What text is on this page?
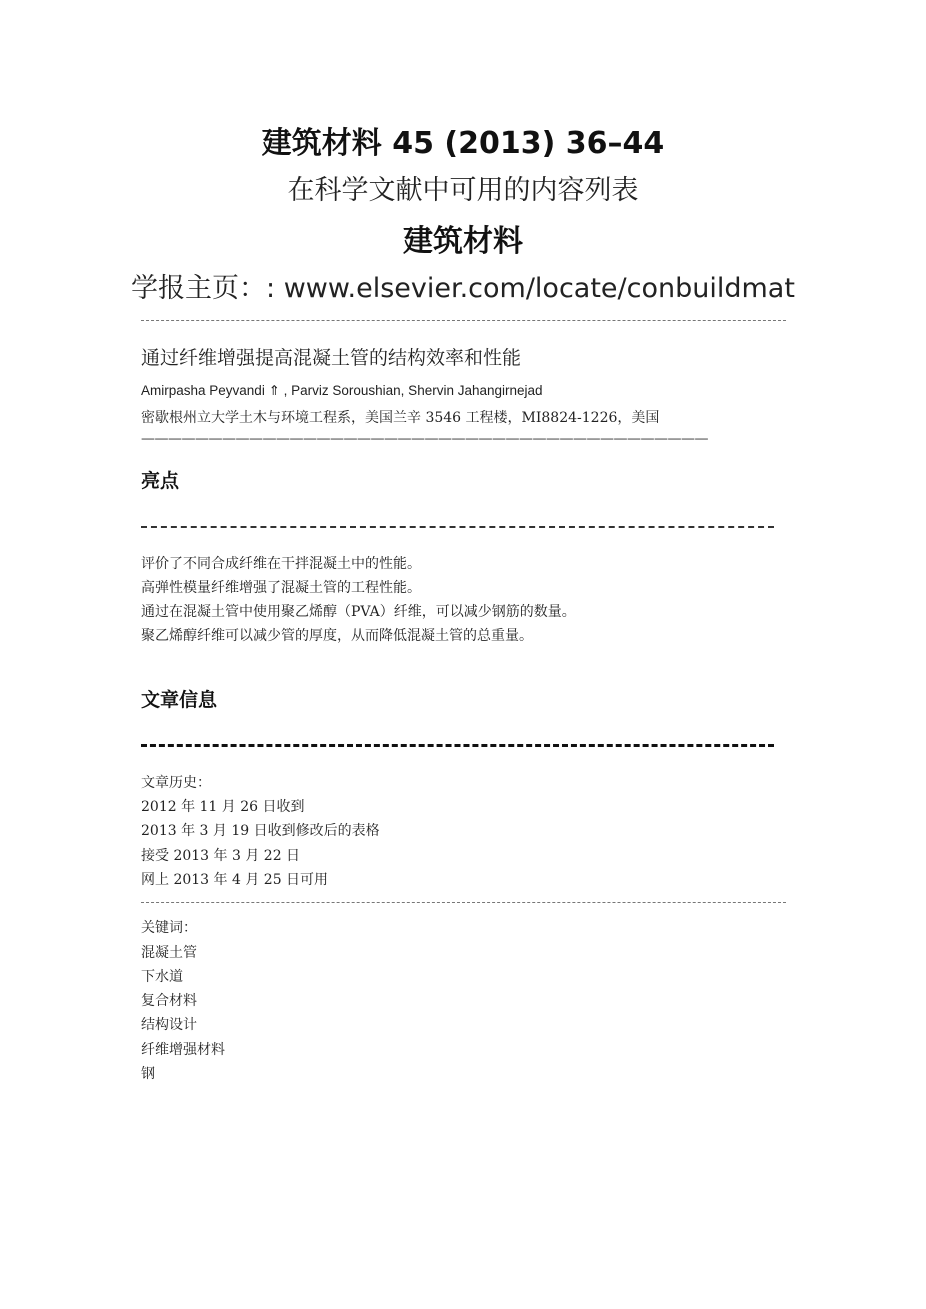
建筑材料 45 (2013) 36–44
在科学文献中可用的内容列表
建筑材料
学报主页：: www.elsevier.com/locate/conbuildmat
通过纤维增强提高混凝土管的结构效率和性能
Amirpasha Peyvandi ⇑ , Parviz Soroushian, Shervin Jahangirnejad
密歇根州立大学土木与环境工程系，美国兰辛 3546 工程楼，MI8824-1226，美国
——————————————————————————————————————————
亮点
评价了不同合成纤维在干拌混凝土中的性能。
高弹性模量纤维增强了混凝土管的工程性能。
通过在混凝土管中使用聚乙烯醇（PVA）纤维，可以减少钢筋的数量。
聚乙烯醇纤维可以减少管的厚度，从而降低混凝土管的总重量。
文章信息
文章历史：
2012 年 11 月 26 日收到
2013 年 3 月 19 日收到修改后的表格
接受 2013 年 3 月 22 日
网上 2013 年 4 月 25 日可用
关键词：
混凝土管
下水道
复合材料
结构设计
纤维增强材料
钢
